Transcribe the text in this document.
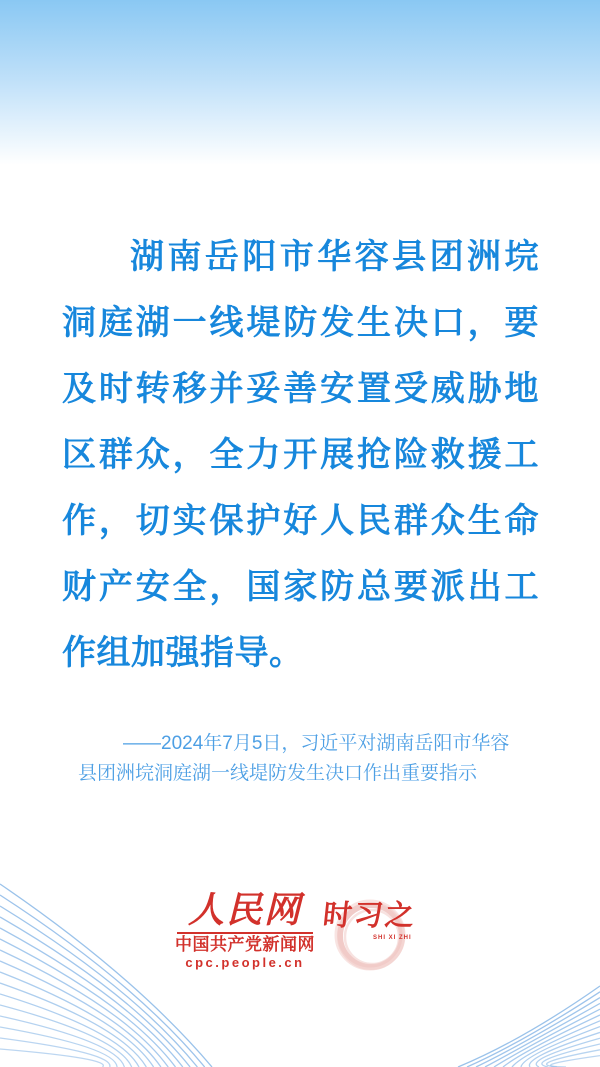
湖南岳阳市华容县团洲垸洞庭湖一线堤防发生决口，要及时转移并妥善安置受威胁地区群众，全力开展抢险救援工作，切实保护好人民群众生命财产安全，国家防总要派出工作组加强指导。

——2024年7月5日，习近平对湖南岳阳市华容县团洲垸洞庭湖一线堤防发生决口作出重要指示

人民网
中国共产党新闻网
cpc.people.cn
时习之
SHI XI ZHI
